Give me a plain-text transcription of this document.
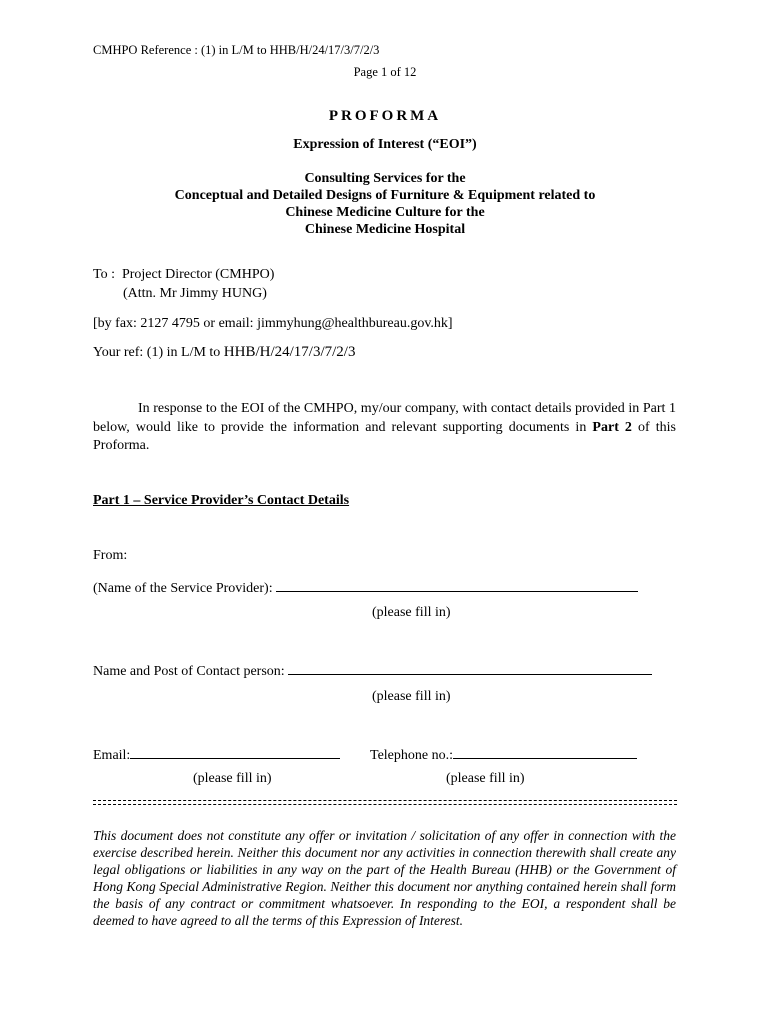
CMHPO Reference : (1) in L/M to HHB/H/24/17/3/7/2/3
Page 1 of 12
PROFORMA
Expression of Interest (“EOI”)
Consulting Services for the
Conceptual and Detailed Designs of Furniture & Equipment related to
Chinese Medicine Culture for the
Chinese Medicine Hospital
To : Project Director (CMHPO)
(Attn. Mr Jimmy HUNG)
[by fax: 2127 4795 or email: jimmyhung@healthbureau.gov.hk]
Your ref: (1) in L/M to HHB/H/24/17/3/7/2/3
In response to the EOI of the CMHPO, my/our company, with contact details provided in Part 1 below, would like to provide the information and relevant supporting documents in Part 2 of this Proforma.
Part 1 – Service Provider’s Contact Details
From:
(Name of the Service Provider):
(please fill in)
Name and Post of Contact person:
(please fill in)
Email:	Telephone no.:
(please fill in)	(please fill in)
This document does not constitute any offer or invitation / solicitation of any offer in connection with the exercise described herein. Neither this document nor any activities in connection therewith shall create any legal obligations or liabilities in any way on the part of the Health Bureau (HHB) or the Government of Hong Kong Special Administrative Region. Neither this document nor anything contained herein shall form the basis of any contract or commitment whatsoever. In responding to the EOI, a respondent shall be deemed to have agreed to all the terms of this Expression of Interest.
